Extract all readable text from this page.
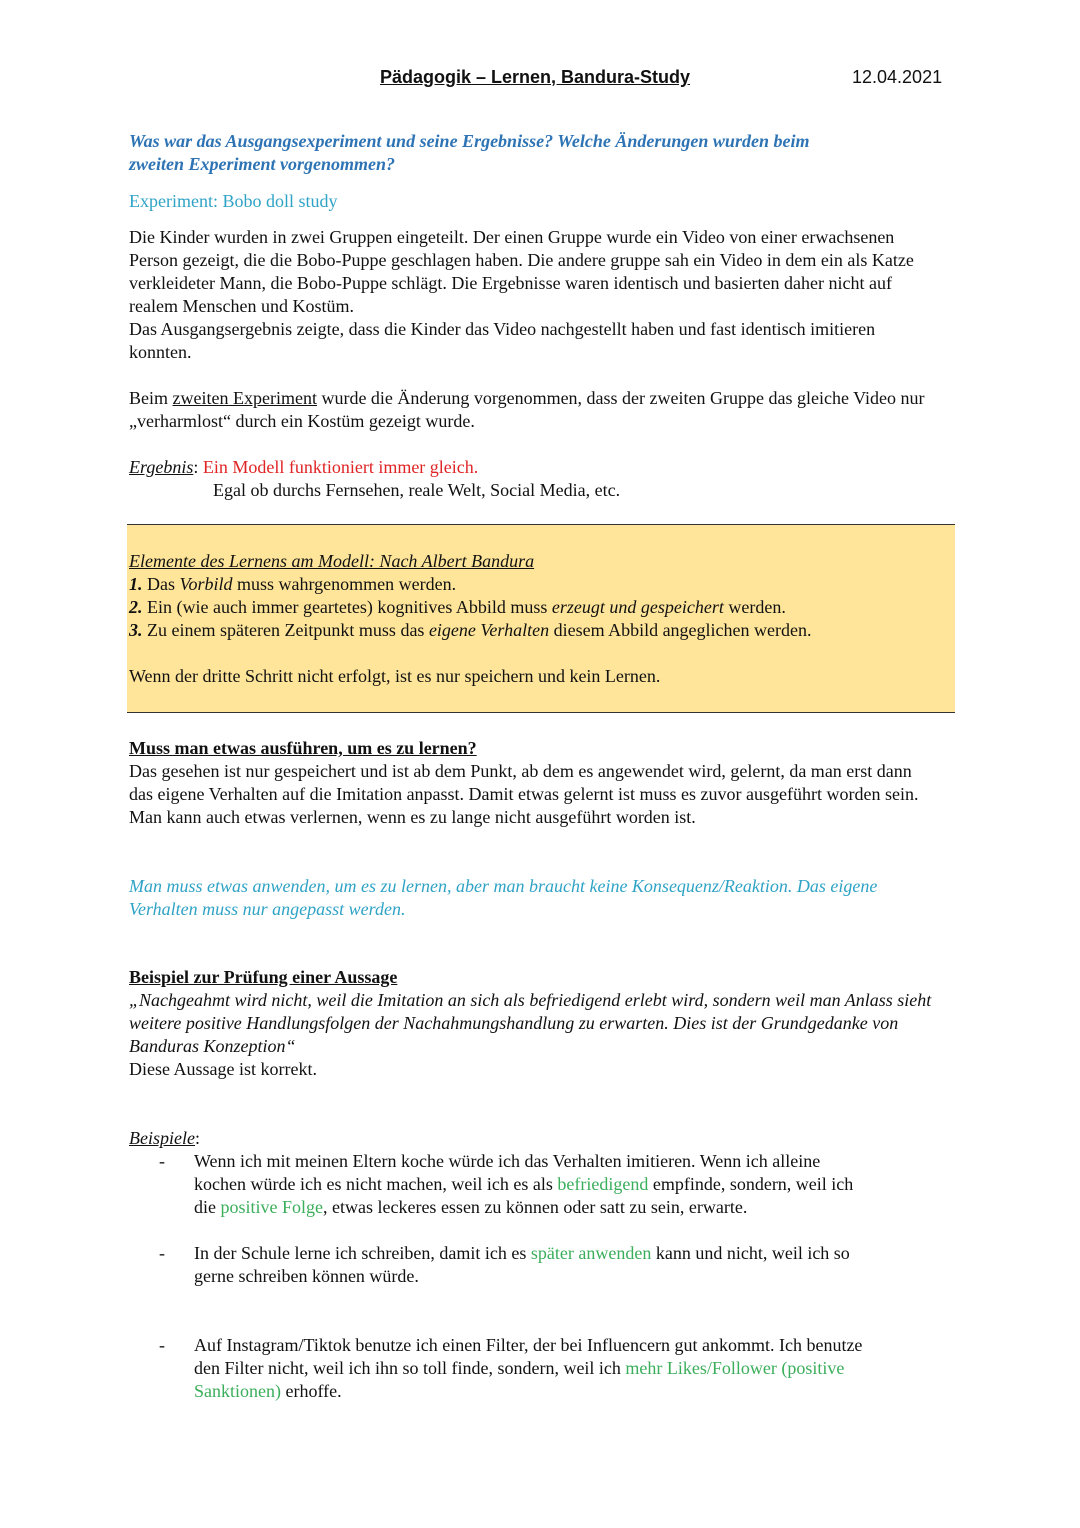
Pädagogik – Lernen, Bandura-Study	12.04.2021

Was war das Ausgangsexperiment und seine Ergebnisse? Welche Änderungen wurden beim

zweiten Experiment vorgenommen?

Experiment: Bobo doll study

Die Kinder wurden in zwei Gruppen eingeteilt. Der einen Gruppe wurde ein Video von einer erwachsenen Person gezeigt, die die Bobo-Puppe geschlagen haben. Die andere gruppe sah ein Video in dem ein als Katze verkleideter Mann, die Bobo-Puppe schlägt. Die Ergebnisse waren identisch und basierten daher nicht auf realem Menschen und Kostüm.

Das Ausgangsergebnis zeigte, dass die Kinder das Video nachgestellt haben und fast identisch imitieren konnten.

Beim zweiten Experiment wurde die Änderung vorgenommen, dass der zweiten Gruppe das gleiche Video nur „verharmlost“ durch ein Kostüm gezeigt wurde.

Ergebnis: Ein Modell funktioniert immer gleich.

Egal ob durchs Fernsehen, reale Welt, Social Media, etc.

Elemente des Lernens am Modell: Nach Albert Bandura

1. Das Vorbild muss wahrgenommen werden.

2. Ein (wie auch immer geartetes) kognitives Abbild muss erzeugt und gespeichert werden.

3. Zu einem späteren Zeitpunkt muss das eigene Verhalten diesem Abbild angeglichen werden.

Wenn der dritte Schritt nicht erfolgt, ist es nur speichern und kein Lernen.

Muss man etwas ausführen, um es zu lernen?

Das gesehen ist nur gespeichert und ist ab dem Punkt, ab dem es angewendet wird, gelernt, da man erst dann das eigene Verhalten auf die Imitation anpasst. Damit etwas gelernt ist muss es zuvor ausgeführt worden sein. Man kann auch etwas verlernen, wenn es zu lange nicht ausgeführt worden ist.

Man muss etwas anwenden, um es zu lernen, aber man braucht keine Konsequenz/Reaktion. Das eigene Verhalten muss nur angepasst werden.

Beispiel zur Prüfung einer Aussage

„Nachgeahmt wird nicht, weil die Imitation an sich als befriedigend erlebt wird, sondern weil man Anlass sieht weitere positive Handlungsfolgen der Nachahmungshandlung zu erwarten. Dies ist der Grundgedanke von Banduras Konzeption“

Diese Aussage ist korrekt.

Beispiele:

- Wenn ich mit meinen Eltern koche würde ich das Verhalten imitieren. Wenn ich alleine kochen würde ich es nicht machen, weil ich es als befriedigend empfinde, sondern, weil ich die positive Folge, etwas leckeres essen zu können oder satt zu sein, erwarte.
- In der Schule lerne ich schreiben, damit ich es später anwenden kann und nicht, weil ich so gerne schreiben können würde.
- Auf Instagram/Tiktok benutze ich einen Filter, der bei Influencern gut ankommt. Ich benutze den Filter nicht, weil ich ihn so toll finde, sondern, weil ich mehr Likes/Follower (positive Sanktionen) erhoffe.
